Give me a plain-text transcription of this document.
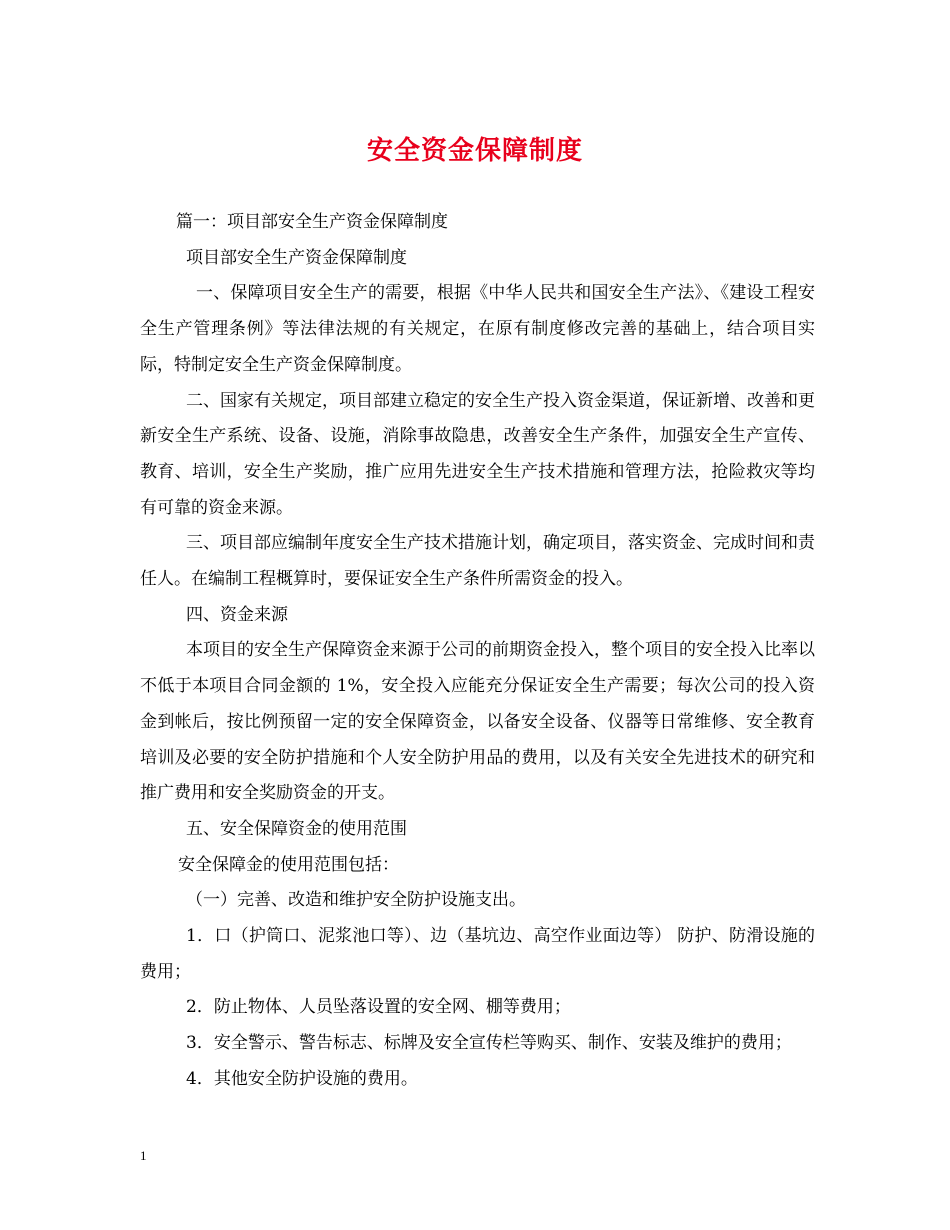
安全资金保障制度

篇一：项目部安全生产资金保障制度

项目部安全生产资金保障制度

一、保障项目安全生产的需要，根据《中华人民共和国安全生产法》、《建设工程安全生产管理条例》等法律法规的有关规定，在原有制度修改完善的基础上，结合项目实际，特制定安全生产资金保障制度。

二、国家有关规定，项目部建立稳定的安全生产投入资金渠道，保证新增、改善和更新安全生产系统、设备、设施，消除事故隐患，改善安全生产条件，加强安全生产宣传、教育、培训，安全生产奖励，推广应用先进安全生产技术措施和管理方法，抢险救灾等均有可靠的资金来源。

三、项目部应编制年度安全生产技术措施计划，确定项目，落实资金、完成时间和责任人。在编制工程概算时，要保证安全生产条件所需资金的投入。

四、资金来源

本项目的安全生产保障资金来源于公司的前期资金投入，整个项目的安全投入比率以不低于本项目合同金额的 1%，安全投入应能充分保证安全生产需要；每次公司的投入资金到帐后，按比例预留一定的安全保障资金，以备安全设备、仪器等日常维修、安全教育培训及必要的安全防护措施和个人安全防护用品的费用，以及有关安全先进技术的研究和推广费用和安全奖励资金的开支。

五、安全保障资金的使用范围

安全保障金的使用范围包括：

（一）完善、改造和维护安全防护设施支出。

1．口（护筒口、泥浆池口等）、边（基坑边、高空作业面边等） 防护、防滑设施的费用；

2．防止物体、人员坠落设置的安全网、棚等费用；

3．安全警示、警告标志、标牌及安全宣传栏等购买、制作、安装及维护的费用；

4．其他安全防护设施的费用。

1
